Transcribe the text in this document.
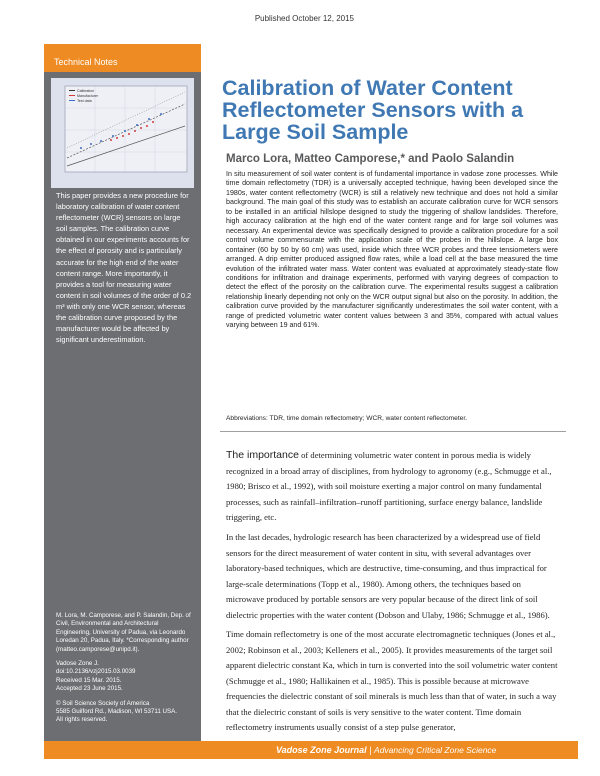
Published October 12, 2015
Technical Notes
Calibration
Manufacturer
Test data
This paper provides a new procedure for laboratory calibration of water content reflectometer (WCR) sensors on large soil samples. The calibration curve obtained in our experiments accounts for the effect of porosity and is particularly accurate for the high end of the water content range. More importantly, it provides a tool for measuring water content in soil volumes of the order of 0.2 m³ with only one WCR sensor, whereas the calibration curve proposed by the manufacturer would be affected by significant underestimation.

M. Lora, M. Camporese, and P. Salandin, Dep. of Civil, Environmental and Architectural Engineering, University of Padua, via Leonardo Loredan 20, Padua, Italy. *Corresponding author (matteo.camporese@unipd.it).

Vadose Zone J.
doi:10.2136/vzj2015.03.0039
Received 15 Mar. 2015.
Accepted 23 June 2015.

© Soil Science Society of America
5585 Guilford Rd., Madison, WI 53711 USA.
All rights reserved.

Calibration of Water Content Reflectometer Sensors with a Large Soil Sample
Marco Lora, Matteo Camporese,* and Paolo Salandin
In situ measurement of soil water content is of fundamental importance in vadose zone processes. While time domain reflectometry (TDR) is a universally accepted technique, having been developed since the 1980s, water content reflectometry (WCR) is still a relatively new technique and does not hold a similar background. The main goal of this study was to establish an accurate calibration curve for WCR sensors to be installed in an artificial hillslope designed to study the triggering of shallow landslides. Therefore, high accuracy calibration at the high end of the water content range and for large soil volumes was necessary. An experimental device was specifically designed to provide a calibration procedure for a soil control volume commensurate with the application scale of the probes in the hillslope. A large box container (60 by 50 by 60 cm) was used, inside which three WCR probes and three tensiometers were arranged. A drip emitter produced assigned flow rates, while a load cell at the base measured the time evolution of the infiltrated water mass. Water content was evaluated at approximately steady-state flow conditions for infiltration and drainage experiments, performed with varying degrees of compaction to detect the effect of the porosity on the calibration curve. The experimental results suggest a calibration relationship linearly depending not only on the WCR output signal but also on the porosity. In addition, the calibration curve provided by the manufacturer significantly underestimates the soil water content, with a range of predicted volumetric water content values between 3 and 35%, compared with actual values varying between 19 and 61%.
Abbreviations: TDR, time domain reflectometry; WCR, water content reflectometer.

The importance of determining volumetric water content in porous media is widely recognized in a broad array of disciplines, from hydrology to agronomy (e.g., Schmugge et al., 1980; Brisco et al., 1992), with soil moisture exerting a major control on many fundamental processes, such as rainfall–infiltration–runoff partitioning, surface energy balance, landslide triggering, etc.

In the last decades, hydrologic research has been characterized by a widespread use of field sensors for the direct measurement of water content in situ, with several advantages over laboratory-based techniques, which are destructive, time-consuming, and thus impractical for large-scale determinations (Topp et al., 1980). Among others, the techniques based on microwave produced by portable sensors are very popular because of the direct link of soil dielectric properties with the water content (Dobson and Ulaby, 1986; Schmugge et al., 1986).

Time domain reflectometry is one of the most accurate electromagnetic techniques (Jones et al., 2002; Robinson et al., 2003; Kelleners et al., 2005). It provides measurements of the target soil apparent dielectric constant Ka, which in turn is converted into the soil volumetric water content (Schmugge et al., 1980; Hallikainen et al., 1985). This is possible because at microwave frequencies the dielectric constant of soil minerals is much less than that of water, in such a way that the dielectric constant of soils is very sensitive to the water content. Time domain reflectometry instruments usually consist of a step pulse generator,

Vadose Zone Journal | Advancing Critical Zone Science
